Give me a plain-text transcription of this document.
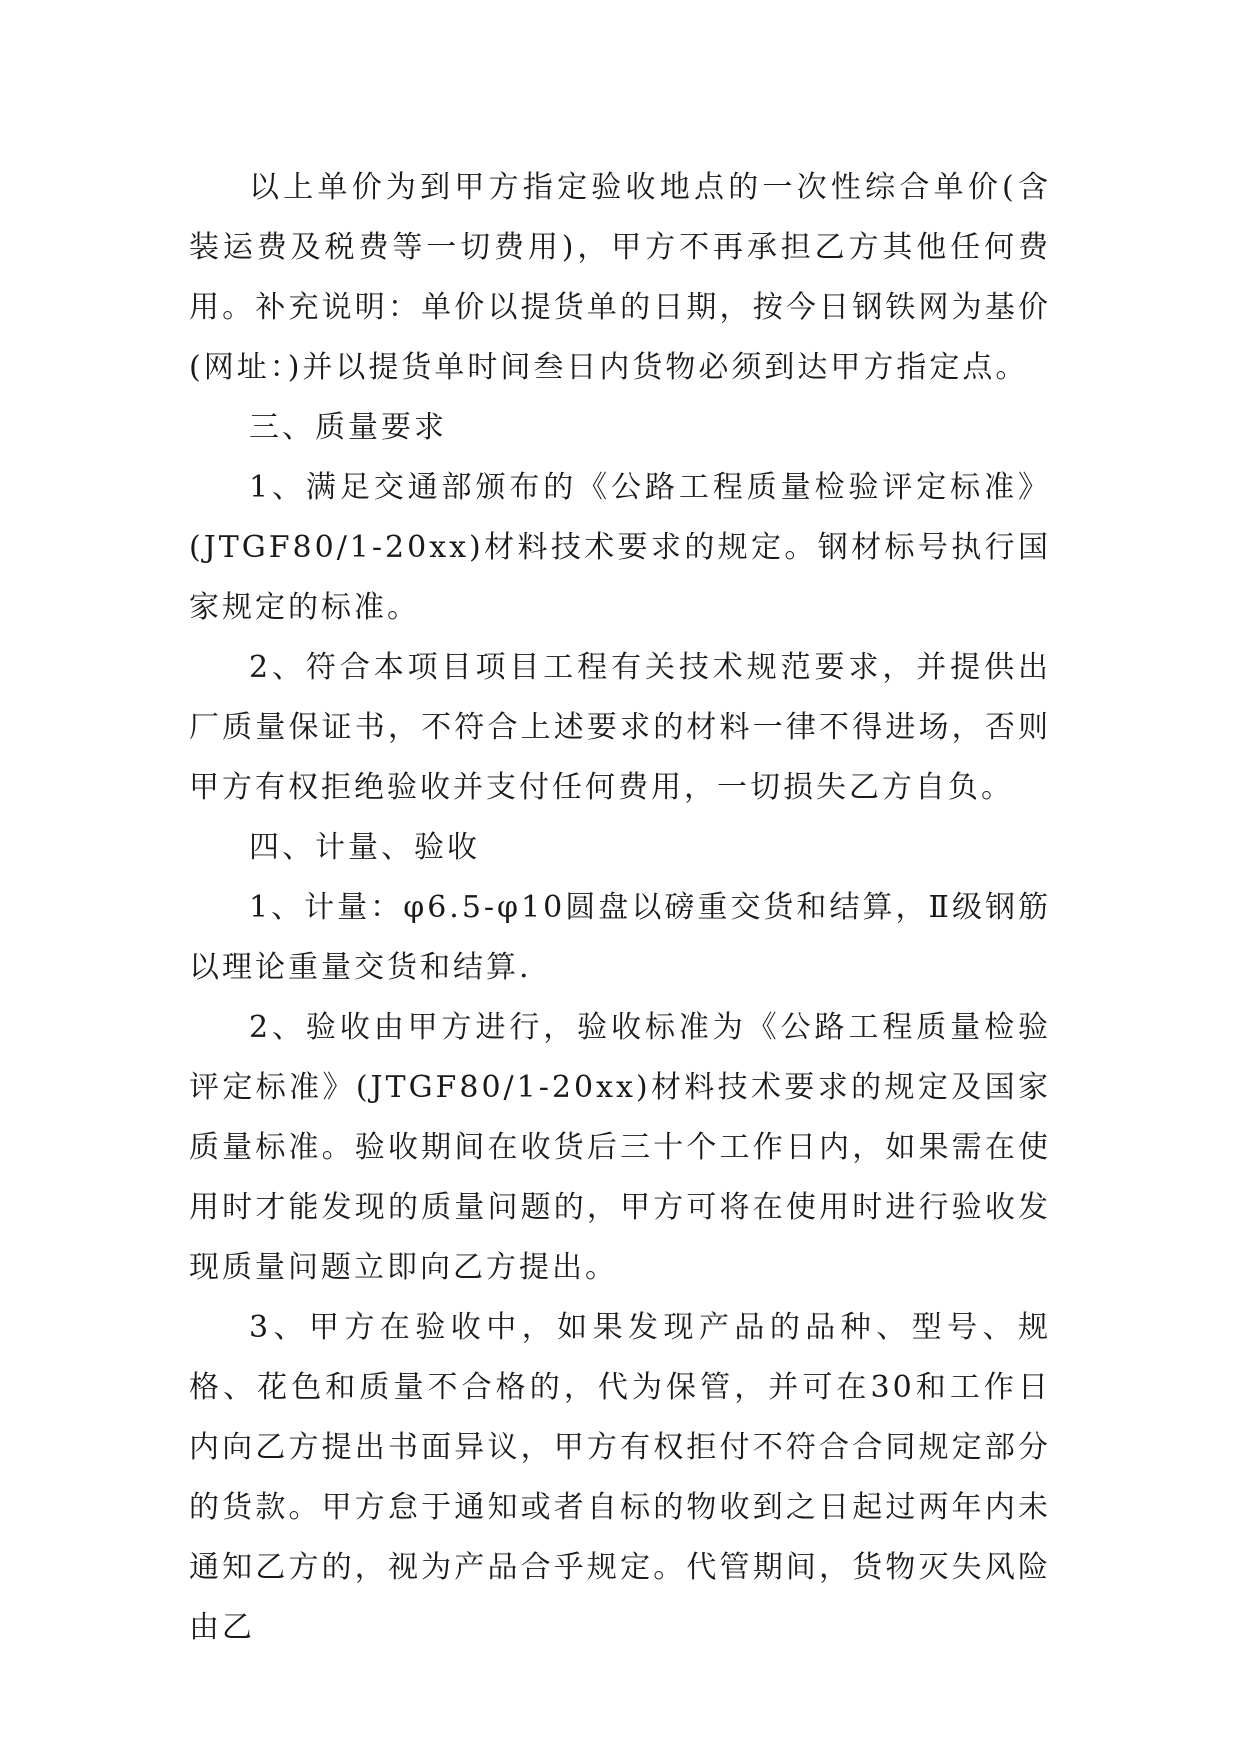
以上单价为到甲方指定验收地点的一次性综合单价(含装运费及税费等一切费用)，甲方不再承担乙方其他任何费用。补充说明：单价以提货单的日期，按今日钢铁网为基价(网址：)并以提货单时间叁日内货物必须到达甲方指定点。

三、质量要求

1、满足交通部颁布的《公路工程质量检验评定标准》(JTGF80/1-20xx)材料技术要求的规定。钢材标号执行国家规定的标准。

2、符合本项目项目工程有关技术规范要求，并提供出厂质量保证书，不符合上述要求的材料一律不得进场，否则甲方有权拒绝验收并支付任何费用，一切损失乙方自负。

四、计量、验收

1、计量：φ6.5-φ10圆盘以磅重交货和结算，Ⅱ级钢筋以理论重量交货和结算.

2、验收由甲方进行，验收标准为《公路工程质量检验评定标准》(JTGF80/1-20xx)材料技术要求的规定及国家质量标准。验收期间在收货后三十个工作日内，如果需在使用时才能发现的质量问题的，甲方可将在使用时进行验收发现质量问题立即向乙方提出。

3、甲方在验收中，如果发现产品的品种、型号、规格、花色和质量不合格的，代为保管，并可在30和工作日内向乙方提出书面异议，甲方有权拒付不符合合同规定部分的货款。甲方怠于通知或者自标的物收到之日起过两年内未通知乙方的，视为产品合乎规定。代管期间，货物灭失风险由乙
